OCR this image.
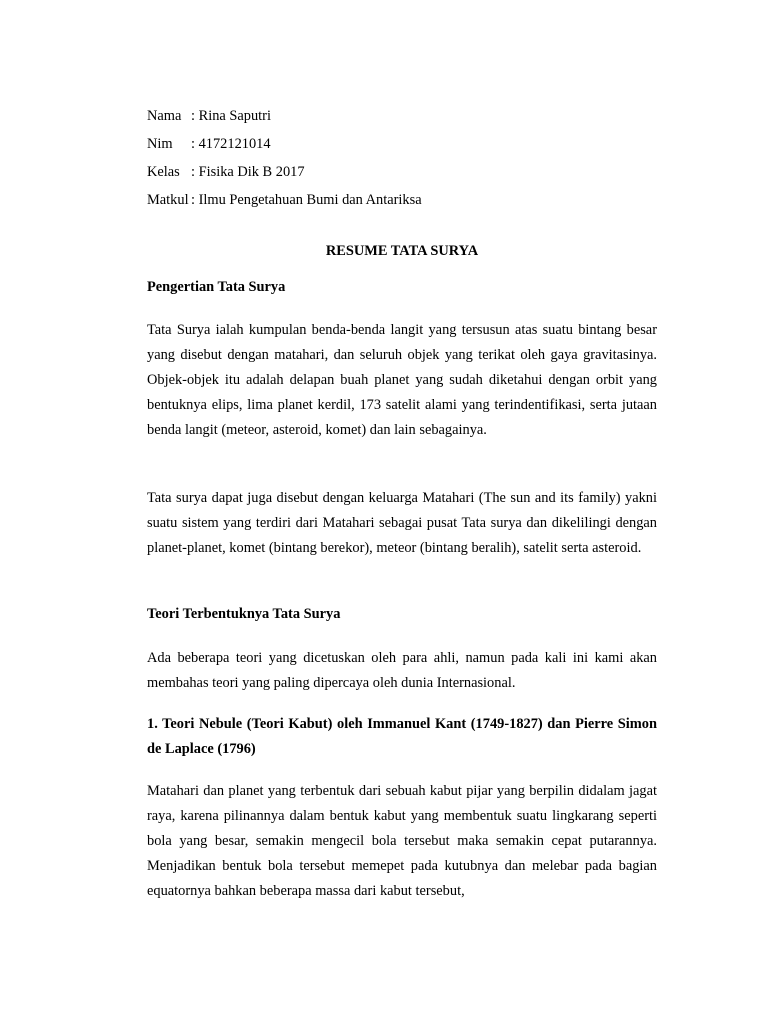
Nama : Rina Saputri
Nim : 4172121014
Kelas : Fisika Dik B 2017
Matkul : Ilmu Pengetahuan Bumi dan Antariksa
RESUME TATA SURYA
Pengertian Tata Surya
Tata Surya ialah kumpulan benda-benda langit yang tersusun atas suatu bintang besar yang disebut dengan matahari, dan seluruh objek yang terikat oleh gaya gravitasinya. Objek-objek itu adalah delapan buah planet yang sudah diketahui dengan orbit yang bentuknya elips, lima planet kerdil, 173 satelit alami yang terindentifikasi, serta jutaan benda langit (meteor, asteroid, komet) dan lain sebagainya.
Tata surya dapat juga disebut dengan keluarga Matahari (The sun and its family) yakni suatu sistem yang terdiri dari Matahari sebagai pusat Tata surya dan dikelilingi dengan planet-planet, komet (bintang berekor), meteor (bintang beralih), satelit serta asteroid.
Teori Terbentuknya Tata Surya
Ada beberapa teori yang dicetuskan oleh para ahli, namun pada kali ini kami akan membahas teori yang paling dipercaya oleh dunia Internasional.
1. Teori Nebule (Teori Kabut) oleh Immanuel Kant (1749-1827) dan Pierre Simon de Laplace (1796)
Matahari dan planet yang terbentuk dari sebuah kabut pijar yang berpilin didalam jagat raya, karena pilinannya dalam bentuk kabut yang membentuk suatu lingkarang seperti bola yang besar, semakin mengecil bola tersebut maka semakin cepat putarannya. Menjadikan bentuk bola tersebut memepet pada kutubnya dan melebar pada bagian equatornya bahkan beberapa massa dari kabut tersebut,
